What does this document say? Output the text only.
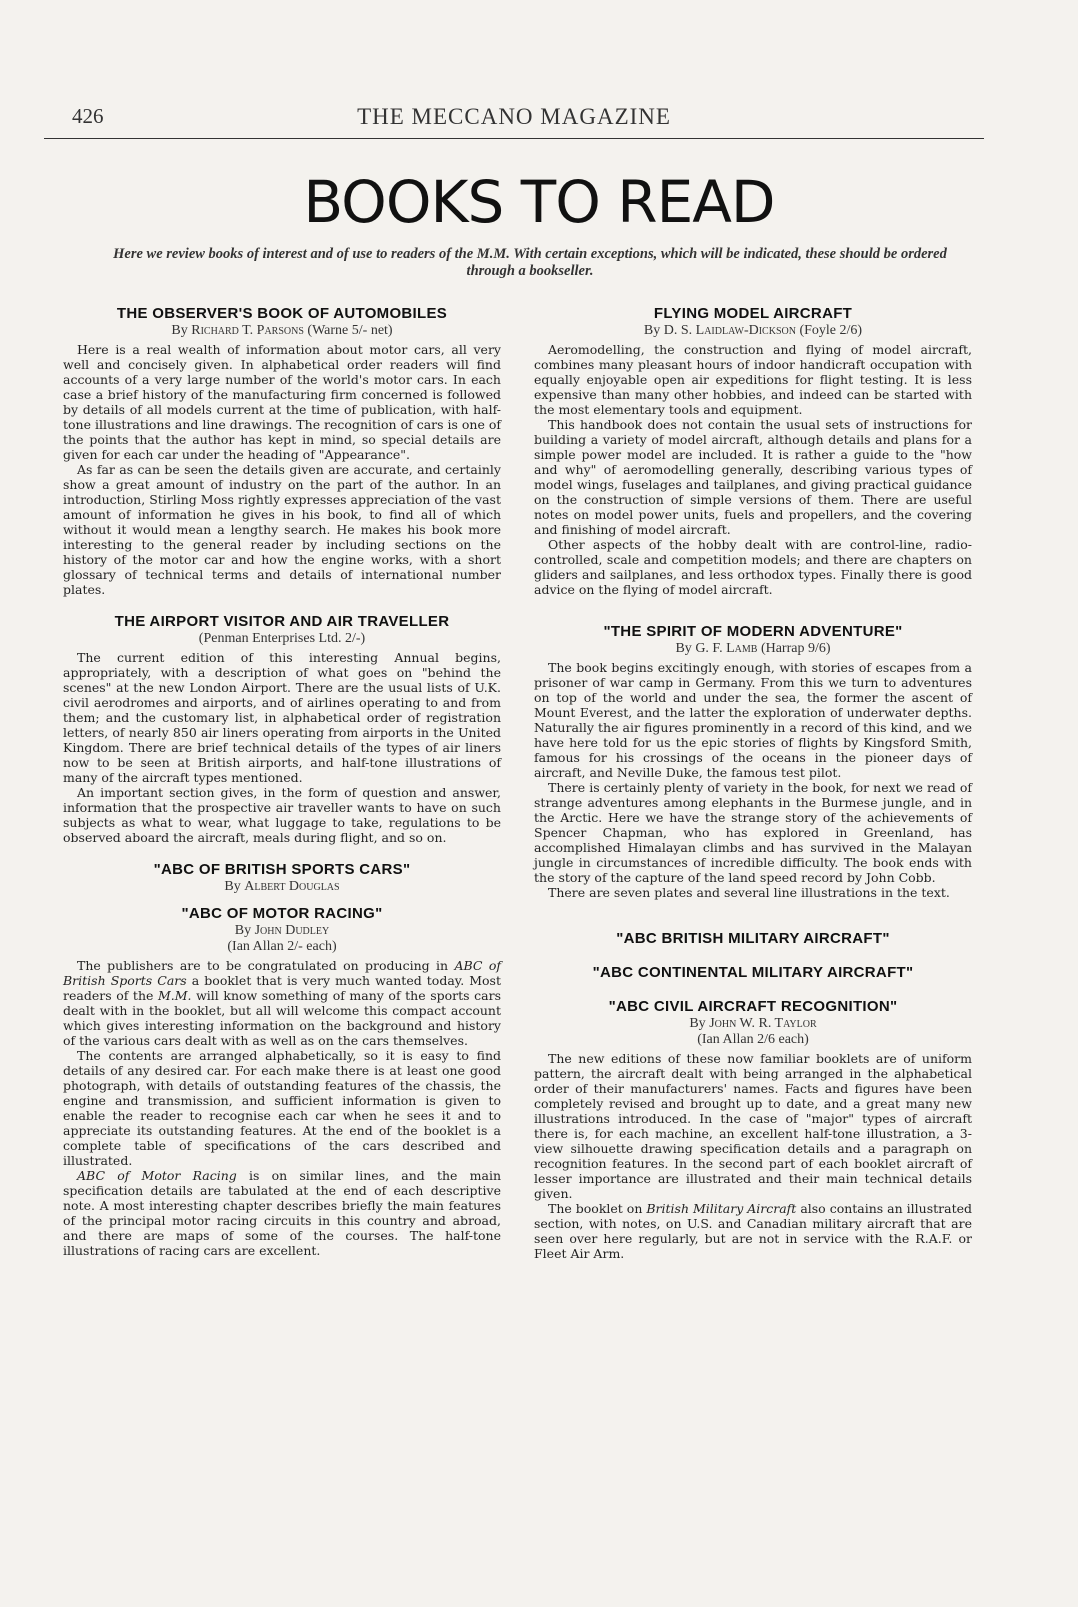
426	THE MECCANO MAGAZINE
BOOKS TO READ
Here we review books of interest and of use to readers of the M.M. With certain exceptions, which will be indicated, these should be ordered through a bookseller.
THE OBSERVER'S BOOK OF AUTOMOBILES
By Richard T. Parsons (Warne 5/- net)

Here is a real wealth of information about motor cars, all very well and concisely given. In alphabetical order readers will find accounts of a very large number of the world's motor cars. In each case a brief history of the manufacturing firm concerned is followed by details of all models current at the time of publication, with half-tone illustrations and line drawings. The recognition of cars is one of the points that the author has kept in mind, so special details are given for each car under the heading of "Appearance".

As far as can be seen the details given are accurate, and certainly show a great amount of industry on the part of the author. In an introduction, Stirling Moss rightly expresses appreciation of the vast amount of information he gives in his book, to find all of which without it would mean a lengthy search. He makes his book more interesting to the general reader by including sections on the history of the motor car and how the engine works, with a short glossary of technical terms and details of international number plates.

THE AIRPORT VISITOR AND AIR TRAVELLER
(Penman Enterprises Ltd. 2/-)

The current edition of this interesting Annual begins, appropriately, with a description of what goes on "behind the scenes" at the new London Airport. There are the usual lists of U.K. civil aerodromes and airports, and of airlines operating to and from them; and the customary list, in alphabetical order of registration letters, of nearly 850 air liners operating from airports in the United Kingdom. There are brief technical details of the types of air liners now to be seen at British airports, and half-tone illustrations of many of the aircraft types mentioned.

An important section gives, in the form of question and answer, information that the prospective air traveller wants to have on such subjects as what to wear, what luggage to take, regulations to be observed aboard the aircraft, meals during flight, and so on.

"ABC OF BRITISH SPORTS CARS"
By Albert Douglas
"ABC OF MOTOR RACING"
By John Dudley
(Ian Allan 2/- each)

The publishers are to be congratulated on producing in ABC of British Sports Cars a booklet that is very much wanted today. Most readers of the M.M. will know something of many of the sports cars dealt with in the booklet, but all will welcome this compact account which gives interesting information on the background and history of the various cars dealt with as well as on the cars themselves.

The contents are arranged alphabetically, so it is easy to find details of any desired car. For each make there is at least one good photograph, with details of outstanding features of the chassis, the engine and transmission, and sufficient information is given to enable the reader to recognise each car when he sees it and to appreciate its outstanding features. At the end of the booklet is a complete table of specifications of the cars described and illustrated.

ABC of Motor Racing is on similar lines, and the main specification details are tabulated at the end of each descriptive note. A most interesting chapter describes briefly the main features of the principal motor racing circuits in this country and abroad, and there are maps of some of the courses. The half-tone illustrations of racing cars are excellent.

FLYING MODEL AIRCRAFT
By D. S. Laidlaw-Dickson (Foyle 2/6)

Aeromodelling, the construction and flying of model aircraft, combines many pleasant hours of indoor handicraft occupation with equally enjoyable open air expeditions for flight testing. It is less expensive than many other hobbies, and indeed can be started with the most elementary tools and equipment.

This handbook does not contain the usual sets of instructions for building a variety of model aircraft, although details and plans for a simple power model are included. It is rather a guide to the "how and why" of aeromodelling generally, describing various types of model wings, fuselages and tailplanes, and giving practical guidance on the construction of simple versions of them. There are useful notes on model power units, fuels and propellers, and the covering and finishing of model aircraft.

Other aspects of the hobby dealt with are control-line, radio-controlled, scale and competition models; and there are chapters on gliders and sailplanes, and less orthodox types. Finally there is good advice on the flying of model aircraft.

"THE SPIRIT OF MODERN ADVENTURE"
By G. F. Lamb (Harrap 9/6)

The book begins excitingly enough, with stories of escapes from a prisoner of war camp in Germany. From this we turn to adventures on top of the world and under the sea, the former the ascent of Mount Everest, and the latter the exploration of underwater depths. Naturally the air figures prominently in a record of this kind, and we have here told for us the epic stories of flights by Kingsford Smith, famous for his crossings of the oceans in the pioneer days of aircraft, and Neville Duke, the famous test pilot.

There is certainly plenty of variety in the book, for next we read of strange adventures among elephants in the Burmese jungle, and in the Arctic. Here we have the strange story of the achievements of Spencer Chapman, who has explored in Greenland, has accomplished Himalayan climbs and has survived in the Malayan jungle in circumstances of incredible difficulty. The book ends with the story of the capture of the land speed record by John Cobb.

There are seven plates and several line illustrations in the text.

"ABC BRITISH MILITARY AIRCRAFT"
"ABC CONTINENTAL MILITARY AIRCRAFT"
"ABC CIVIL AIRCRAFT RECOGNITION"
By John W. R. Taylor
(Ian Allan 2/6 each)

The new editions of these now familiar booklets are of uniform pattern, the aircraft dealt with being arranged in the alphabetical order of their manufacturers' names. Facts and figures have been completely revised and brought up to date, and a great many new illustrations introduced. In the case of "major" types of aircraft there is, for each machine, an excellent half-tone illustration, a 3-view silhouette drawing specification details and a paragraph on recognition features. In the second part of each booklet aircraft of lesser importance are illustrated and their main technical details given.

The booklet on British Military Aircraft also contains an illustrated section, with notes, on U.S. and Canadian military aircraft that are seen over here regularly, but are not in service with the R.A.F. or Fleet Air Arm.
